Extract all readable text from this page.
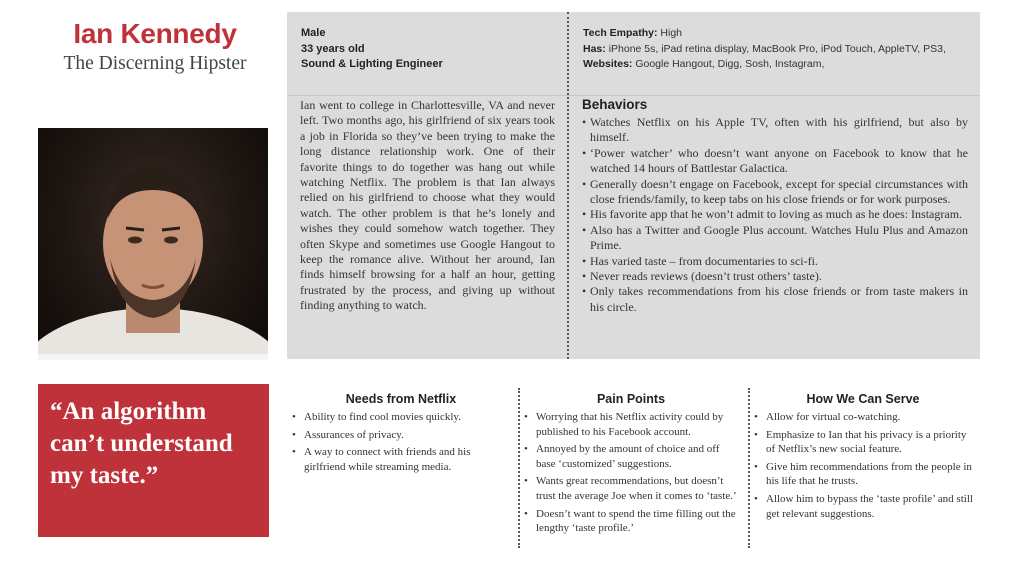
Ian Kennedy
The Discerning Hipster
“An algorithm can’t understand my taste.”
Male
33 years old
Sound & Lighting Engineer
Tech Empathy: High
Has: iPhone 5s, iPad retina display, MacBook Pro, iPod Touch, AppleTV, PS3,
Websites: Google Hangout, Digg, Sosh, Instagram,
Ian went to college in Charlottesville, VA and never left. Two months ago, his girlfriend of six years took a job in Florida so they’ve been trying to make the long distance relationship work. One of their favorite things to do together was hang out while watching Netflix. The problem is that Ian always relied on his girlfriend to choose what they would watch. The other problem is that he’s lonely and wishes they could somehow watch together. They often Skype and sometimes use Google Hangout to keep the romance alive. Without her around, Ian finds himself browsing for a half an hour, getting frustrated by the process, and giving up without finding anything to watch.
Behaviors
• Watches Netflix on his Apple TV, often with his girlfriend, but also by himself.
• ‘Power watcher’ who doesn’t want anyone on Facebook to know that he watched 14 hours of Battlestar Galactica.
• Generally doesn’t engage on Facebook, except for special circumstances with close friends/family, to keep tabs on his close friends or for work purposes.
• His favorite app that he won’t admit to loving as much as he does: Instagram.
• Also has a Twitter and Google Plus account. Watches Hulu Plus and Amazon Prime.
• Has varied taste – from documentaries to sci-fi.
• Never reads reviews (doesn’t trust others’ taste).
• Only takes recommendations from his close friends or from taste makers in his circle.
Needs from Netflix
• Ability to find cool movies quickly.
• Assurances of privacy.
• A way to connect with friends and his girlfriend while streaming media.
Pain Points
• Worrying that his Netflix activity could by published to his Facebook account.
• Annoyed by the amount of choice and off base ‘customized’ suggestions.
• Wants great recommendations, but doesn’t trust the average Joe when it comes to ‘taste.’
• Doesn’t want to spend the time filling out the lengthy ‘taste profile.’
How We Can Serve
• Allow for virtual co-watching.
• Emphasize to Ian that his privacy is a priority of Netflix’s new social feature.
• Give him recommendations from the people in his life that he trusts.
• Allow him to bypass the ‘taste profile’ and still get relevant suggestions.
